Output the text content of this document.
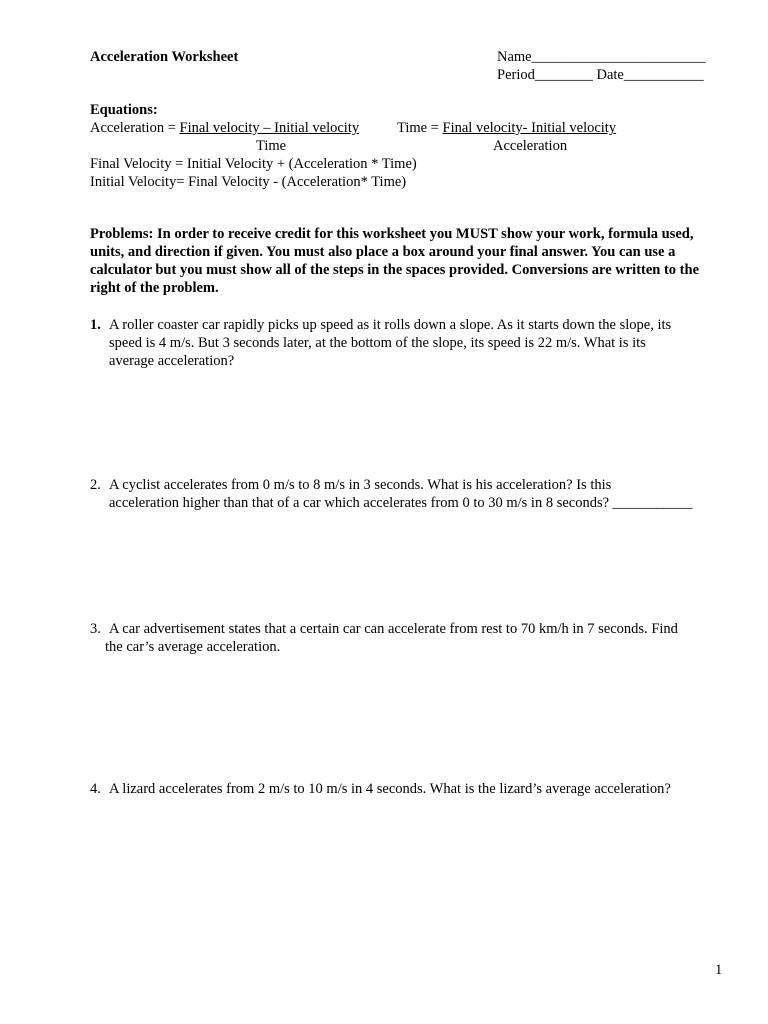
Acceleration Worksheet	Name________________________
Period________ Date___________
Equations:
Acceleration = Final velocity – Initial velocity
Time
Time = Final velocity- Initial velocity
Acceleration
Final Velocity = Initial Velocity + (Acceleration * Time)
Initial Velocity= Final Velocity - (Acceleration* Time)
Problems: In order to receive credit for this worksheet you MUST show your work, formula used, units, and direction if given. You must also place a box around your final answer. You can use a calculator but you must show all of the steps in the spaces provided. Conversions are written to the right of the problem.
1. A roller coaster car rapidly picks up speed as it rolls down a slope. As it starts down the slope, its
speed is 4 m/s. But 3 seconds later, at the bottom of the slope, its speed is 22 m/s. What is its
average acceleration?
2. A cyclist accelerates from 0 m/s to 8 m/s in 3 seconds. What is his acceleration? Is this
acceleration higher than that of a car which accelerates from 0 to 30 m/s in 8 seconds? ___________
3. A car advertisement states that a certain car can accelerate from rest to 70 km/h in 7 seconds. Find
the car’s average acceleration.
4. A lizard accelerates from 2 m/s to 10 m/s in 4 seconds. What is the lizard’s average acceleration?
1
